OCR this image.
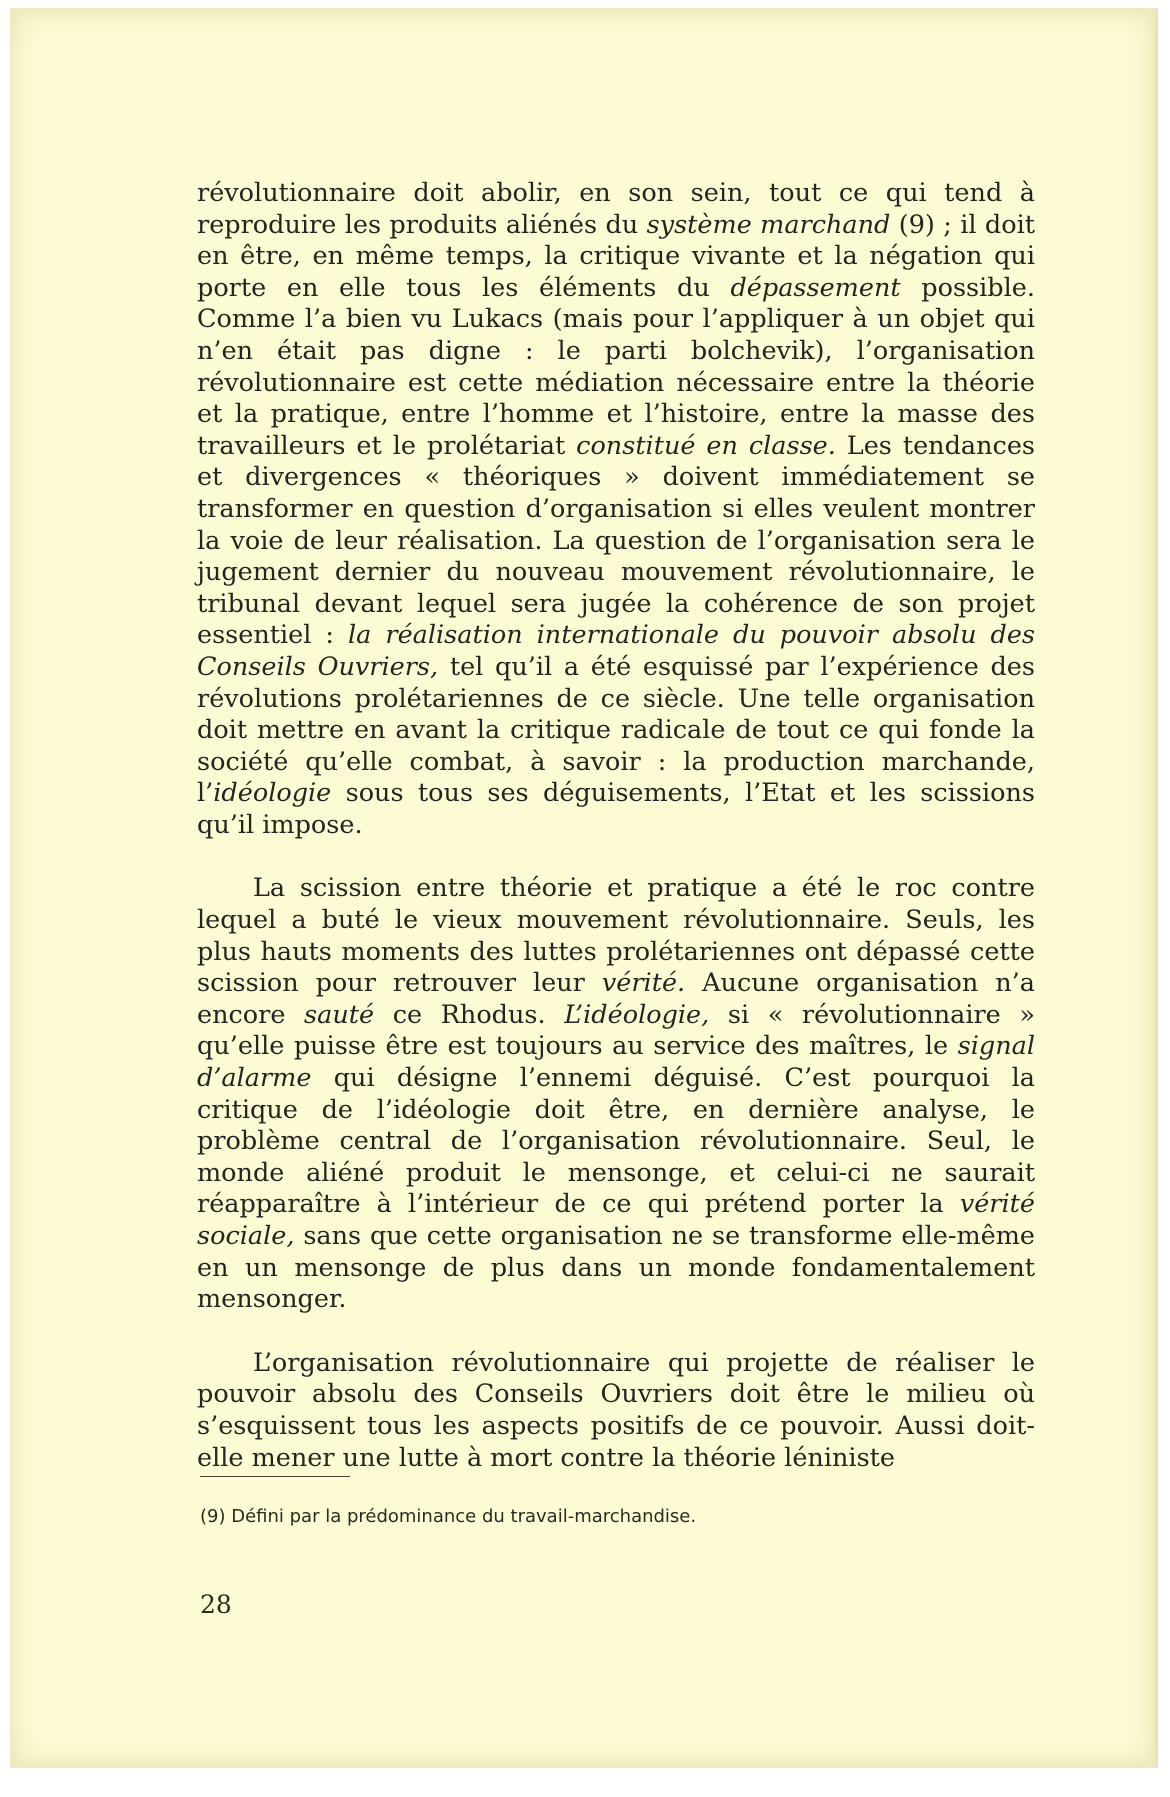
révolutionnaire doit abolir, en son sein, tout ce qui tend à reproduire les produits aliénés du système marchand (9) ; il doit en être, en même temps, la critique vivante et la négation qui porte en elle tous les éléments du dépassement possible. Comme l’a bien vu Lukacs (mais pour l’appliquer à un objet qui n’en était pas digne : le parti bolchevik), l’organisation révolutionnaire est cette médiation nécessaire entre la théorie et la pratique, entre l’homme et l’histoire, entre la masse des travailleurs et le prolétariat constitué en classe. Les tendances et divergences « théoriques » doivent immédiatement se transformer en question d’organisation si elles veulent montrer la voie de leur réalisation. La question de l’organisation sera le jugement dernier du nouveau mouvement révolutionnaire, le tribunal devant lequel sera jugée la cohérence de son projet essentiel : la réalisation internationale du pouvoir absolu des Conseils Ouvriers, tel qu’il a été esquissé par l’expérience des révolutions prolétariennes de ce siècle. Une telle organisation doit mettre en avant la critique radicale de tout ce qui fonde la société qu’elle combat, à savoir : la production marchande, l’idéologie sous tous ses déguisements, l’Etat et les scissions qu’il impose.

La scission entre théorie et pratique a été le roc contre lequel a buté le vieux mouvement révolutionnaire. Seuls, les plus hauts moments des luttes prolétariennes ont dépassé cette scission pour retrouver leur vérité. Aucune organisation n’a encore sauté ce Rhodus. L’idéologie, si « révolutionnaire » qu’elle puisse être est toujours au service des maîtres, le signal d’alarme qui désigne l’ennemi déguisé. C’est pourquoi la critique de l’idéologie doit être, en dernière analyse, le problème central de l’organisation révolutionnaire. Seul, le monde aliéné produit le mensonge, et celui-ci ne saurait réapparaître à l’intérieur de ce qui prétend porter la vérité sociale, sans que cette organisation ne se transforme elle-même en un mensonge de plus dans un monde fondamentalement mensonger.

L’organisation révolutionnaire qui projette de réaliser le pouvoir absolu des Conseils Ouvriers doit être le milieu où s’esquissent tous les aspects positifs de ce pouvoir. Aussi doit-elle mener une lutte à mort contre la théorie léniniste

(9) Défini par la prédominance du travail-marchandise.
28
